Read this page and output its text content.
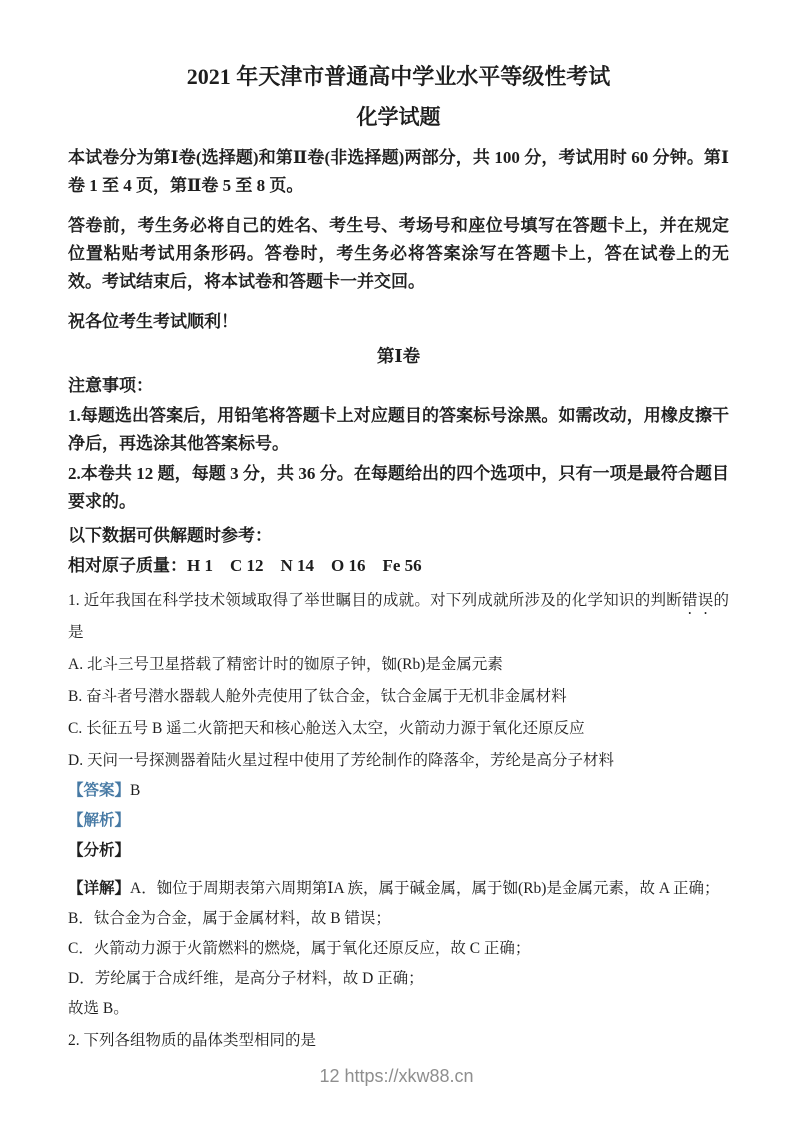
2021 年天津市普通高中学业水平等级性考试
化学试题

本试卷分为第Ⅰ卷(选择题)和第Ⅱ卷(非选择题)两部分，共 100 分，考试用时 60 分钟。第Ⅰ卷 1 至 4 页，第Ⅱ卷 5 至 8 页。

答卷前，考生务必将自己的姓名、考生号、考场号和座位号填写在答题卡上，并在规定位置粘贴考试用条形码。答卷时，考生务必将答案涂写在答题卡上，答在试卷上的无效。考试结束后，将本试卷和答题卡一并交回。

祝各位考生考试顺利！

第Ⅰ卷

注意事项：

1.每题选出答案后，用铅笔将答题卡上对应题目的答案标号涂黑。如需改动，用橡皮擦干净后，再选涂其他答案标号。

2.本卷共 12 题，每题 3 分，共 36 分。在每题给出的四个选项中，只有一项是最符合题目要求的。

以下数据可供解题时参考：

相对原子质量：H 1　C 12　N 14　O 16　Fe 56

1. 近年我国在科学技术领域取得了举世瞩目的成就。对下列成就所涉及的化学知识的判断错误的是

A. 北斗三号卫星搭载了精密计时的铷原子钟，铷(Rb)是金属元素

B. 奋斗者号潜水器载人舱外壳使用了钛合金，钛合金属于无机非金属材料

C. 长征五号 B 遥二火箭把天和核心舱送入太空，火箭动力源于氧化还原反应

D. 天问一号探测器着陆火星过程中使用了芳纶制作的降落伞，芳纶是高分子材料

【答案】B

【解析】

【分析】

【详解】A．铷位于周期表第六周期第ⅠA 族，属于碱金属，属于铷(Rb)是金属元素，故 A 正确；

B．钛合金为合金，属于金属材料，故 B 错误；

C．火箭动力源于火箭燃料的燃烧，属于氧化还原反应，故 C 正确；

D．芳纶属于合成纤维，是高分子材料，故 D 正确；

故选 B。

2. 下列各组物质的晶体类型相同的是

12 https://xkw88.cn
